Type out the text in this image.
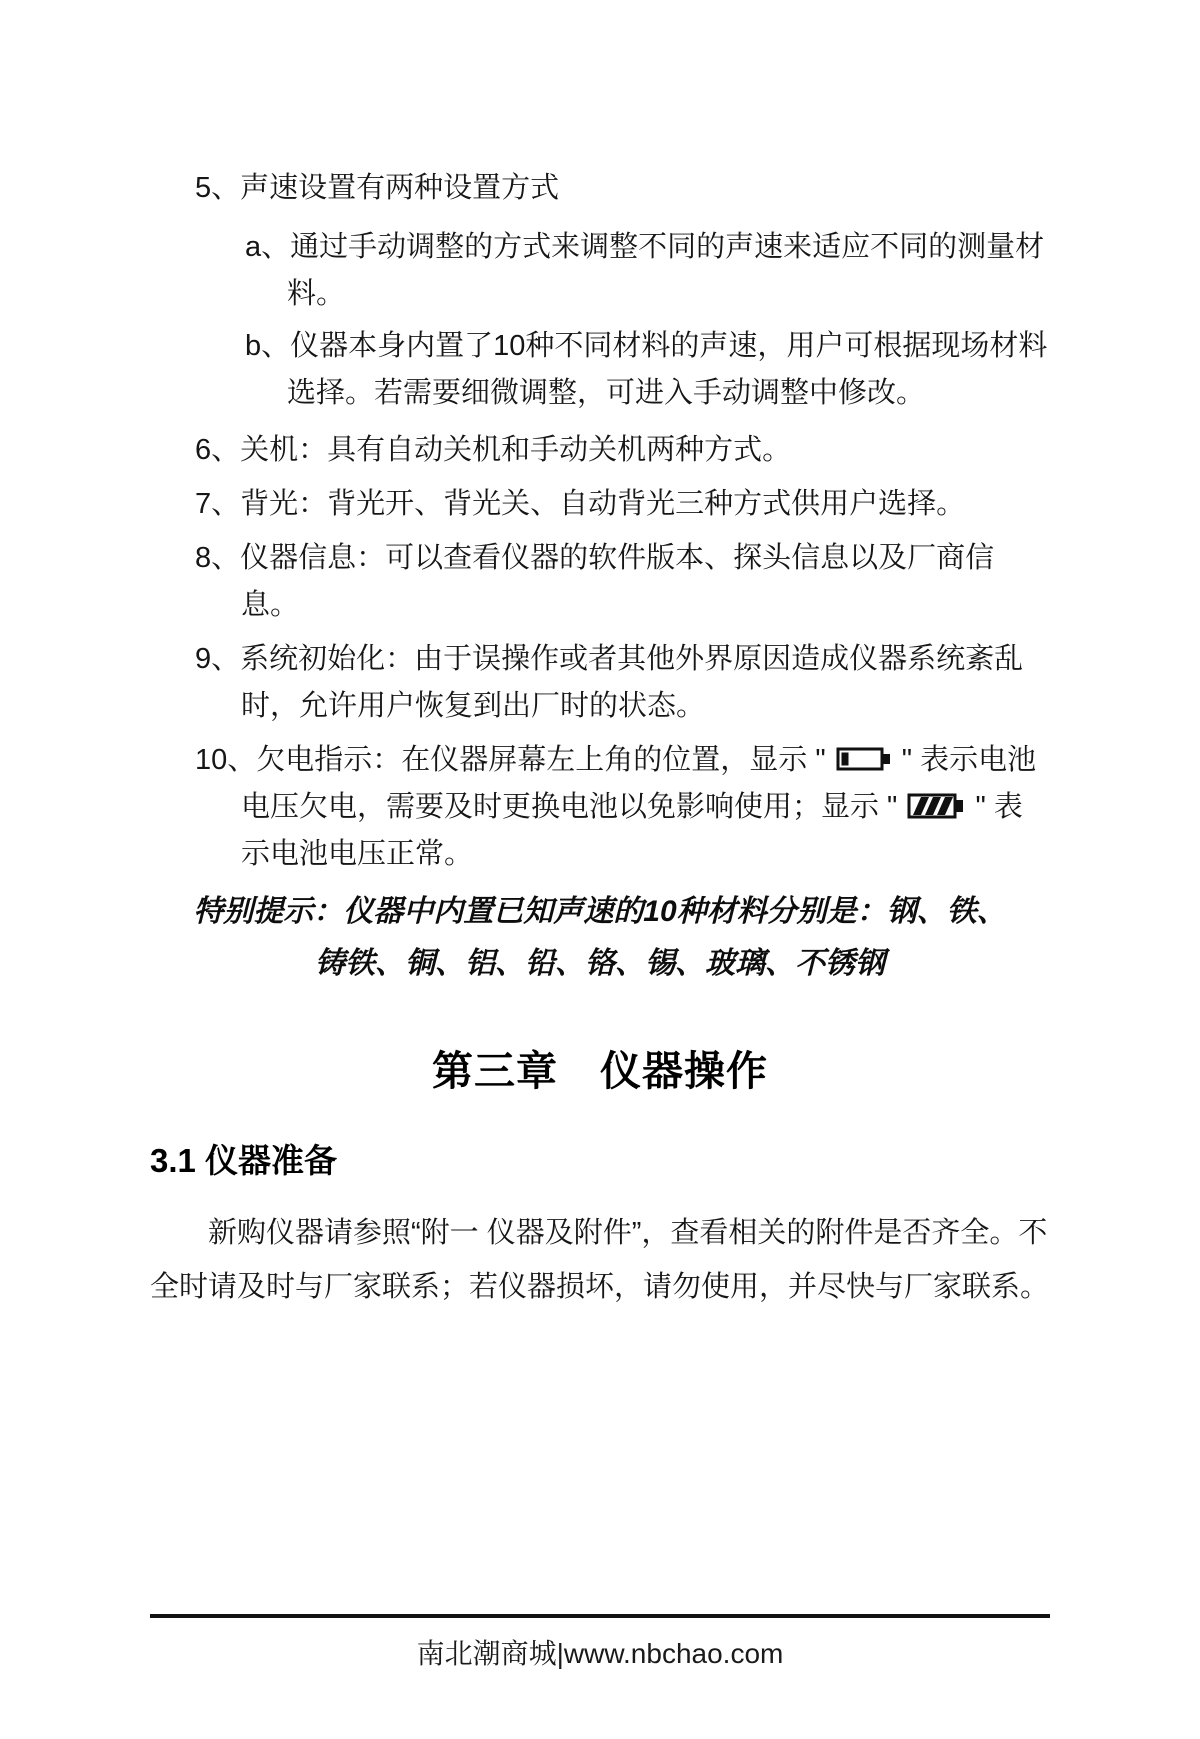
5、声速设置有两种设置方式
a、通过手动调整的方式来调整不同的声速来适应不同的测量材料。
b、仪器本身内置了10种不同材料的声速，用户可根据现场材料选择。若需要细微调整，可进入手动调整中修改。
6、关机：具有自动关机和手动关机两种方式。
7、背光：背光开、背光关、自动背光三种方式供用户选择。
8、仪器信息：可以查看仪器的软件版本、探头信息以及厂商信息。
9、系统初始化：由于误操作或者其他外界原因造成仪器系统紊乱时，允许用户恢复到出厂时的状态。
10、欠电指示：在仪器屏幕左上角的位置，显示 "  " 表示电池电压欠电，需要及时更换电池以免影响使用；显示 "  " 表示电池电压正常。
特别提示：仪器中内置已知声速的10种材料分别是：钢、铁、铸铁、铜、铝、铅、铬、锡、玻璃、不锈钢
第三章　仪器操作
3.1 仪器准备

新购仪器请参照“附一 仪器及附件”，查看相关的附件是否齐全。不全时请及时与厂家联系；若仪器损坏，请勿使用，并尽快与厂家联系。

南北潮商城|www.nbchao.com
